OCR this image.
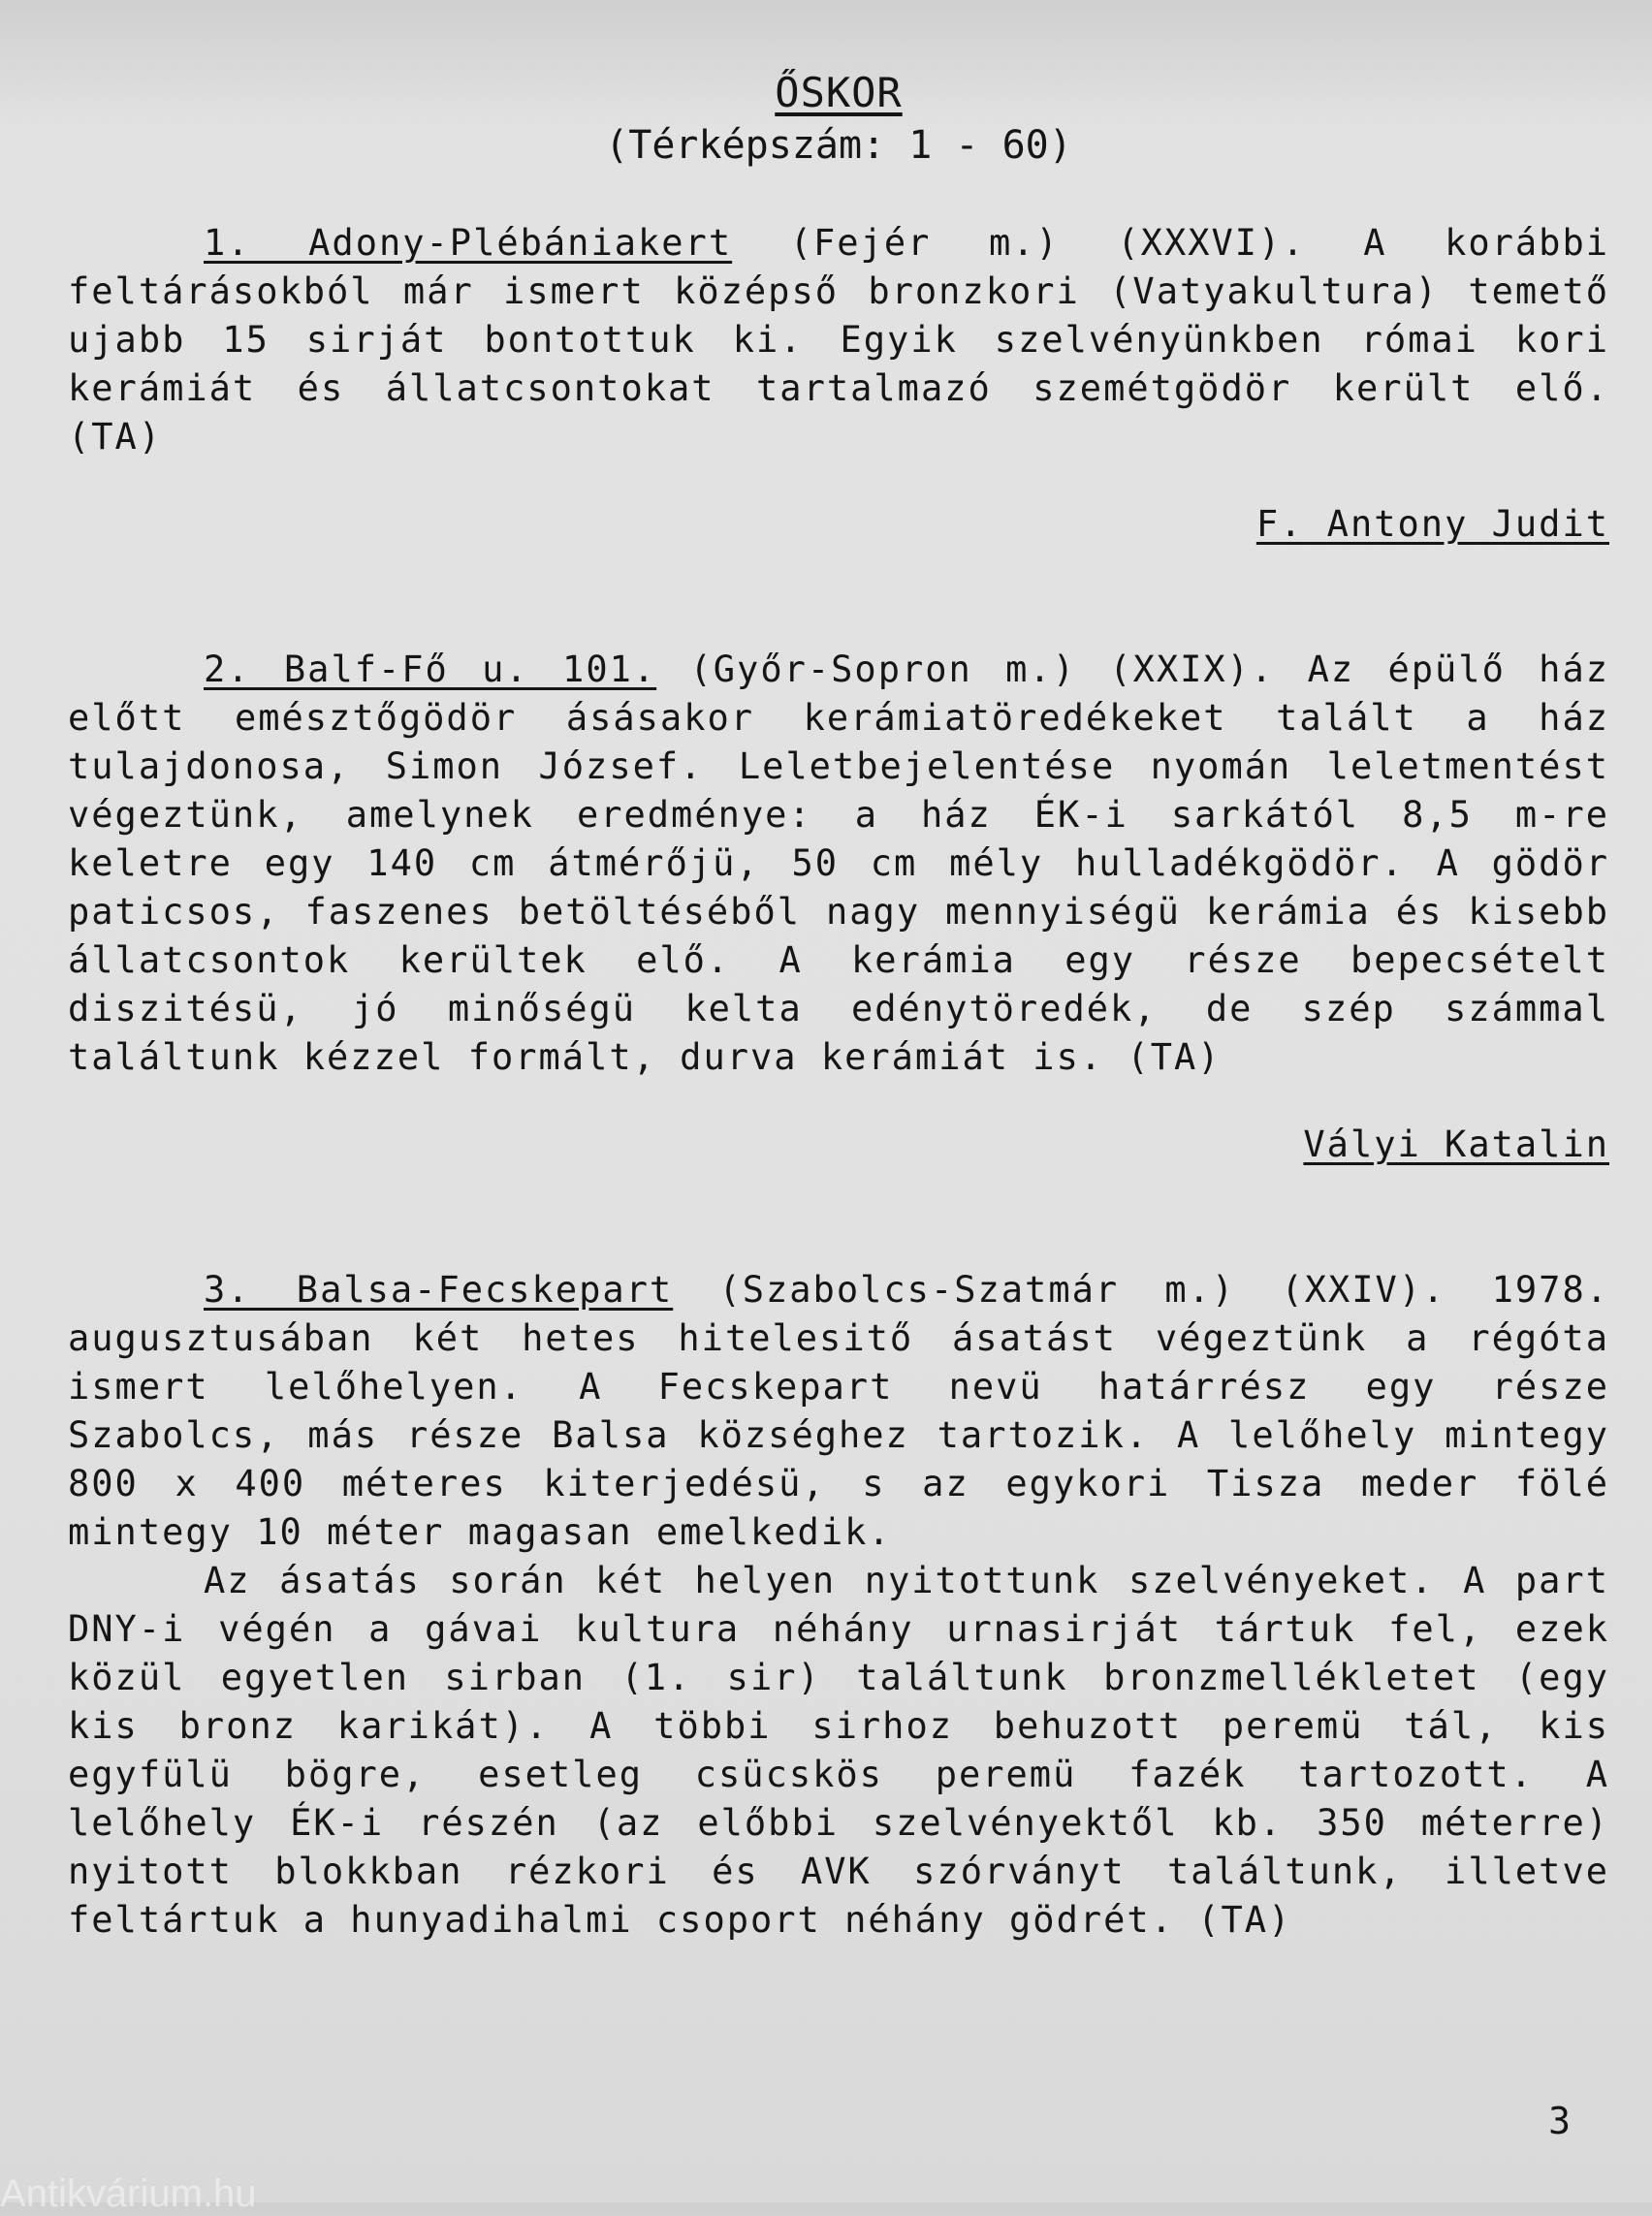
ŐSKOR

(Térképszám: 1 - 60)

1. Adony-Plébániakert (Fejér m.) (XXXVI). A korábbi feltárásokból már ismert középső bronzkori (Vatyakultura) temető ujabb 15 sirját bontottuk ki. Egyik szelvényünkben római kori kerámiát és állatcsontokat tartalmazó szemétgödör került elő. (TA)

F. Antony Judit

2. Balf-Fő u. 101. (Győr-Sopron m.) (XXIX). Az épülő ház előtt emésztőgödör ásásakor kerámiatöredékeket talált a ház tulajdonosa, Simon József. Leletbejelentése nyomán leletmentést végeztünk, amelynek eredménye: a ház ÉK-i sarkától 8,5 m-re keletre egy 140 cm átmérőjü, 50 cm mély hulladékgödör. A gödör paticsos, faszenes betöltéséből nagy mennyiségü kerámia és kisebb állatcsontok kerültek elő. A kerámia egy része bepecsételt diszitésü, jó minőségü kelta edénytöredék, de szép számmal találtunk kézzel formált, durva kerámiát is. (TA)

Vályi Katalin

3. Balsa-Fecskepart (Szabolcs-Szatmár m.) (XXIV). 1978. augusztusában két hetes hitelesitő ásatást végeztünk a régóta ismert lelőhelyen. A Fecskepart nevü határrész egy része Szabolcs, más része Balsa községhez tartozik. A lelőhely mintegy 800 x 400 méteres kiterjedésü, s az egykori Tisza meder fölé mintegy 10 méter magasan emelkedik.

Az ásatás során két helyen nyitottunk szelvényeket. A part DNY-i végén a gávai kultura néhány urnasirját tártuk fel, ezek közül egyetlen sirban (1. sir) találtunk bronzmellékletet (egy kis bronz karikát). A többi sirhoz behuzott peremü tál, kis egyfülü bögre, esetleg csücskös peremü fazék tartozott. A lelőhely ÉK-i részén (az előbbi szelvényektől kb. 350 méterre) nyitott blokkban rézkori és AVK szórványt találtunk, illetve feltártuk a hunyadihalmi csoport néhány gödrét. (TA)

3
Antikvárium.hu
